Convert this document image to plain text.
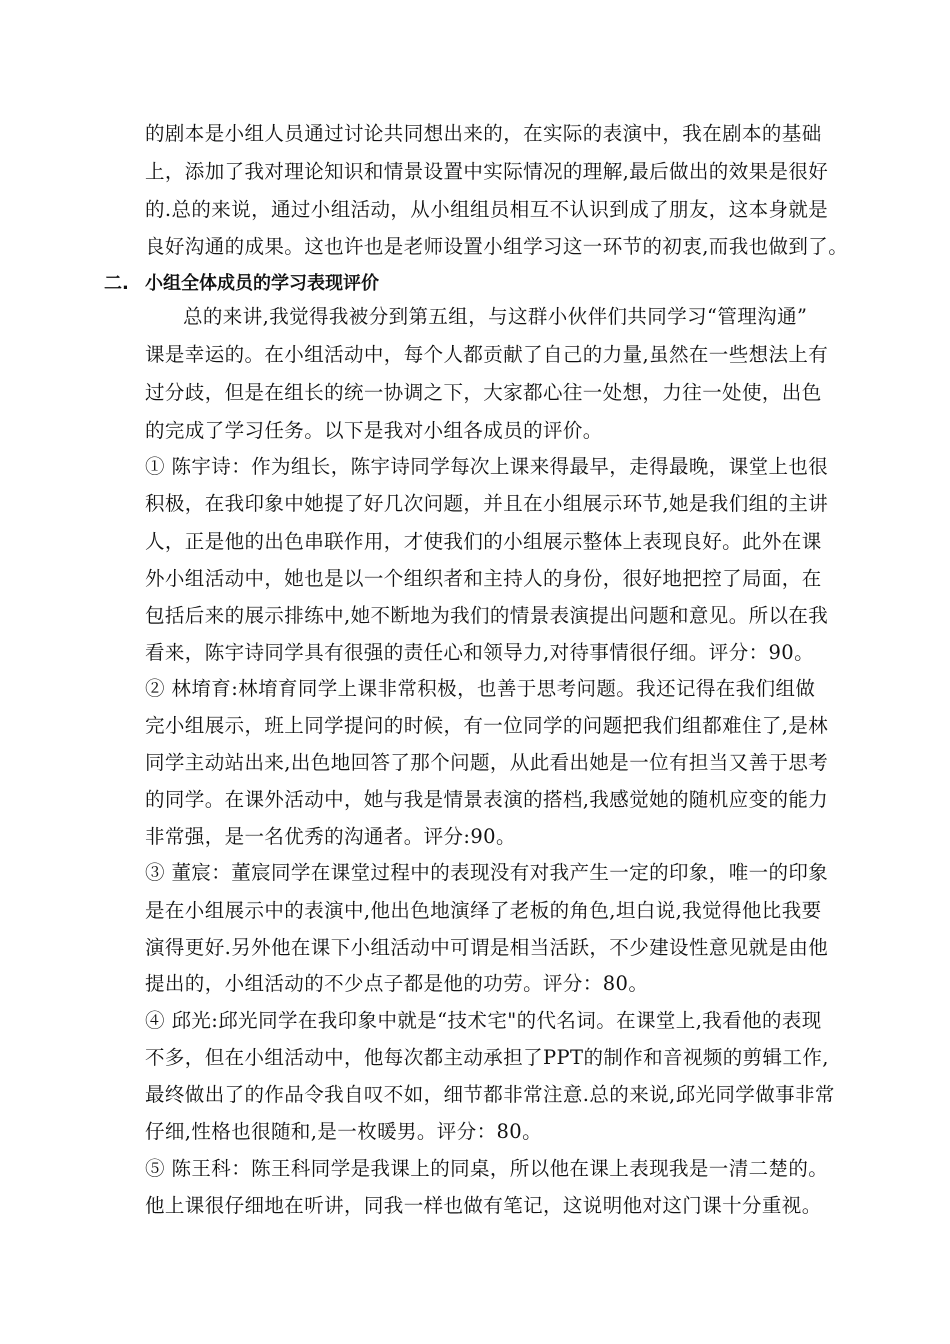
的剧本是小组人员通过讨论共同想出来的，在实际的表演中，我在剧本的基础
上，添加了我对理论知识和情景设置中实际情况的理解,最后做出的效果是很好
的.总的来说，通过小组活动，从小组组员相互不认识到成了朋友，这本身就是
良好沟通的成果。这也许也是老师设置小组学习这一环节的初衷,而我也做到了。
二. 小组全体成员的学习表现评价
总的来讲,我觉得我被分到第五组，与这群小伙伴们共同学习“管理沟通”
课是幸运的。在小组活动中，每个人都贡献了自己的力量,虽然在一些想法上有
过分歧，但是在组长的统一协调之下，大家都心往一处想，力往一处使，出色
的完成了学习任务。以下是我对小组各成员的评价。
① 陈宇诗：作为组长，陈宇诗同学每次上课来得最早，走得最晚，课堂上也很
积极，在我印象中她提了好几次问题，并且在小组展示环节,她是我们组的主讲
人，正是他的出色串联作用，才使我们的小组展示整体上表现良好。此外在课
外小组活动中，她也是以一个组织者和主持人的身份，很好地把控了局面，在
包括后来的展示排练中,她不断地为我们的情景表演提出问题和意见。所以在我
看来，陈宇诗同学具有很强的责任心和领导力,对待事情很仔细。评分：90。
② 林堉育:林堉育同学上课非常积极，也善于思考问题。我还记得在我们组做
完小组展示，班上同学提问的时候，有一位同学的问题把我们组都难住了,是林
同学主动站出来,出色地回答了那个问题，从此看出她是一位有担当又善于思考
的同学。在课外活动中，她与我是情景表演的搭档,我感觉她的随机应变的能力
非常强，是一名优秀的沟通者。评分:90。
③ 董宸：董宸同学在课堂过程中的表现没有对我产生一定的印象，唯一的印象
是在小组展示中的表演中,他出色地演绎了老板的角色,坦白说,我觉得他比我要
演得更好.另外他在课下小组活动中可谓是相当活跃，不少建设性意见就是由他
提出的，小组活动的不少点子都是他的功劳。评分：80。
④ 邱光:邱光同学在我印象中就是“技术宅"的代名词。在课堂上,我看他的表现
不多，但在小组活动中，他每次都主动承担了PPT的制作和音视频的剪辑工作,
最终做出了的作品令我自叹不如，细节都非常注意.总的来说,邱光同学做事非常
仔细,性格也很随和,是一枚暖男。评分：80。
⑤ 陈王科：陈王科同学是我课上的同桌，所以他在课上表现我是一清二楚的。
他上课很仔细地在听讲，同我一样也做有笔记，这说明他对这门课十分重视。
